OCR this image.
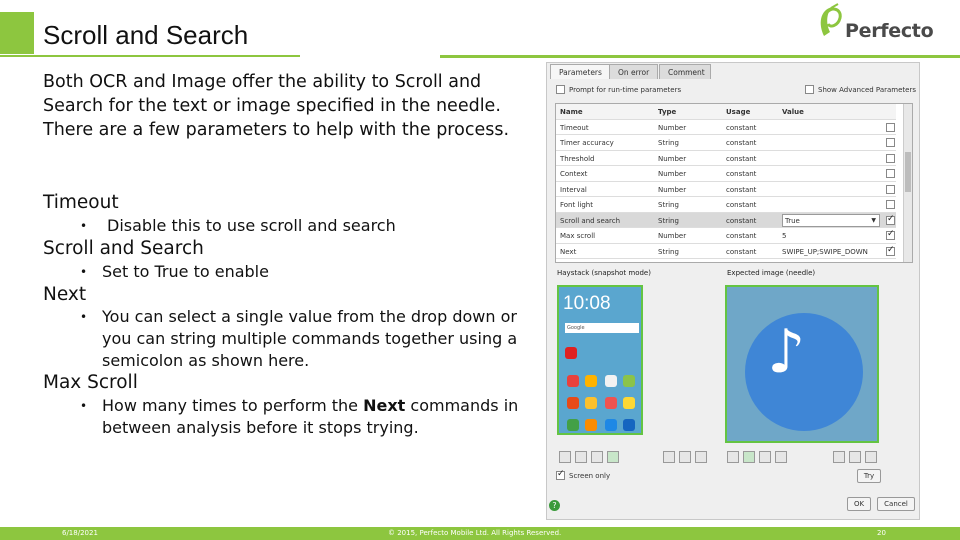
Scroll and Search	Perfecto
Both OCR and Image offer the ability to Scroll and Search for the text or image specified in the needle. There are a few parameters to help with the process.
Timeout
•	Disable this to use scroll and search
Scroll and Search
• Set to True to enable
Next
• You can select a single value from the drop down or you can string multiple commands together using a semicolon as shown here.
Max Scroll
• How many times to perform the Next commands in between analysis before it stops trying.
Parameters	On error	Comment
Prompt for run-time parameters	Show Advanced Parameters
Name	Type	Usage	Value
Timeout	Number	constant
Timer accuracy	String	constant
Threshold	Number	constant
Context	Number	constant
Interval	Number	constant
Font light	String	constant
Scroll and search	String	constant	True	▼
✓
Max scroll	Number	constant	5
✓
Next	String	constant	SWIPE_UP;SWIPE_DOWN
✓
Haystack (snapshot mode)	Expected image (needle)
10:08
Google	♪
✓
Screen only	Try
?	OK	Cancel
6/18/2021	© 2015, Perfecto Mobile Ltd. All Rights Reserved.	20
